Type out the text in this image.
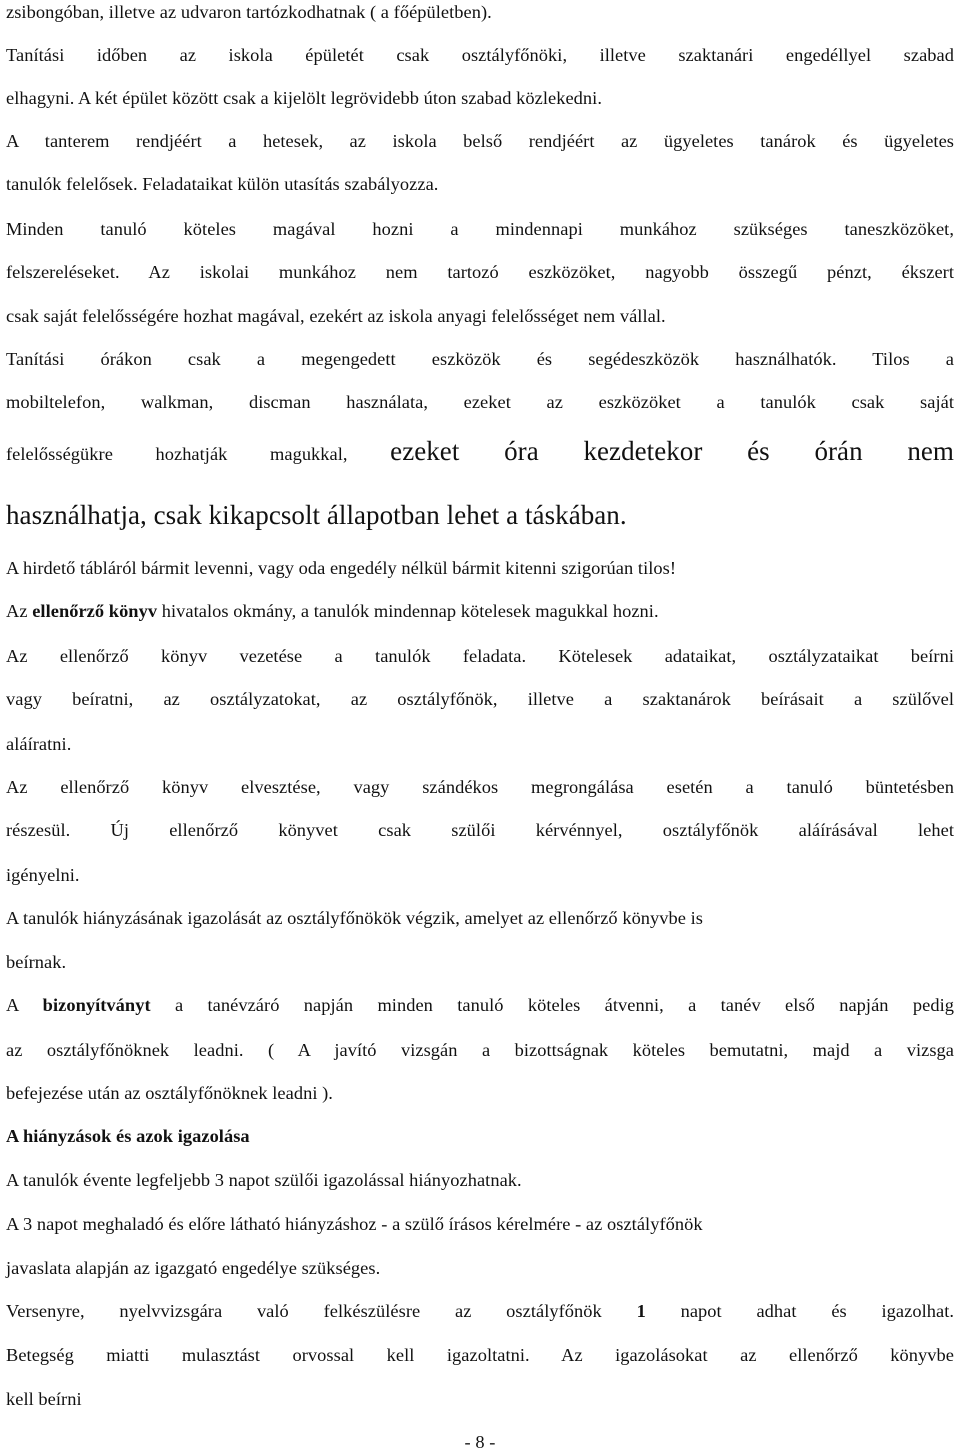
zsibongóban, illetve az udvaron tartózkodhatnak ( a főépületben).
Tanítási időben az iskola épületét csak osztályfőnöki, illetve szaktanári engedéllyel szabad
elhagyni. A két épület között csak a kijelölt legrövidebb úton szabad közlekedni.
A tanterem rendjéért a hetesek, az iskola belső rendjéért az ügyeletes tanárok és ügyeletes
tanulók felelősek. Feladataikat külön utasítás szabályozza.
Minden tanuló köteles magával hozni a mindennapi munkához szükséges taneszközöket,
felszereléseket. Az iskolai munkához nem tartozó eszközöket, nagyobb összegű pénzt, ékszert
csak saját felelősségére hozhat magával, ezekért az iskola anyagi felelősséget nem vállal.
Tanítási órákon csak a megengedett eszközök és segédeszközök használhatók. Tilos a
mobiltelefon, walkman, discman használata, ezeket az eszközöket a tanulók csak saját
felelősségükre hozhatják magukkal, ezeket óra kezdetekor és órán nem
használhatja, csak kikapcsolt állapotban lehet a táskában.
A hirdető tábláról bármit levenni, vagy oda engedély nélkül bármit kitenni szigorúan tilos!
Az ellenőrző könyv hivatalos okmány, a tanulók mindennap kötelesek magukkal hozni.
Az ellenőrző könyv vezetése a tanulók feladata. Kötelesek adataikat, osztályzataikat beírni
vagy beíratni, az osztályzatokat, az osztályfőnök, illetve a szaktanárok beírásait a szülővel
aláíratni.
Az ellenőrző könyv elvesztése, vagy szándékos megrongálása esetén a tanuló büntetésben
részesül. Új ellenőrző könyvet csak szülői kérvénnyel, osztályfőnök aláírásával lehet
igényelni.
A tanulók hiányzásának igazolását az osztályfőnökök végzik, amelyet az ellenőrző könyvbe is
beírnak.
A bizonyítványt a tanévzáró napján minden tanuló köteles átvenni, a tanév első napján pedig
az osztályfőnöknek leadni. ( A javító vizsgán a bizottságnak köteles bemutatni, majd a vizsga
befejezése után az osztályfőnöknek leadni ).
A hiányzások és azok igazolása
A tanulók évente legfeljebb 3 napot szülői igazolással hiányozhatnak.
A 3 napot meghaladó és előre látható hiányzáshoz - a szülő írásos kérelmére - az osztályfőnök
javaslata alapján az igazgató engedélye szükséges.
Versenyre, nyelvvizsgára való felkészülésre az osztályfőnök 1 napot adhat és igazolhat.
Betegség miatti mulasztást orvossal kell igazoltatni. Az igazolásokat az ellenőrző könyvbe
kell beírni
- 8 -
